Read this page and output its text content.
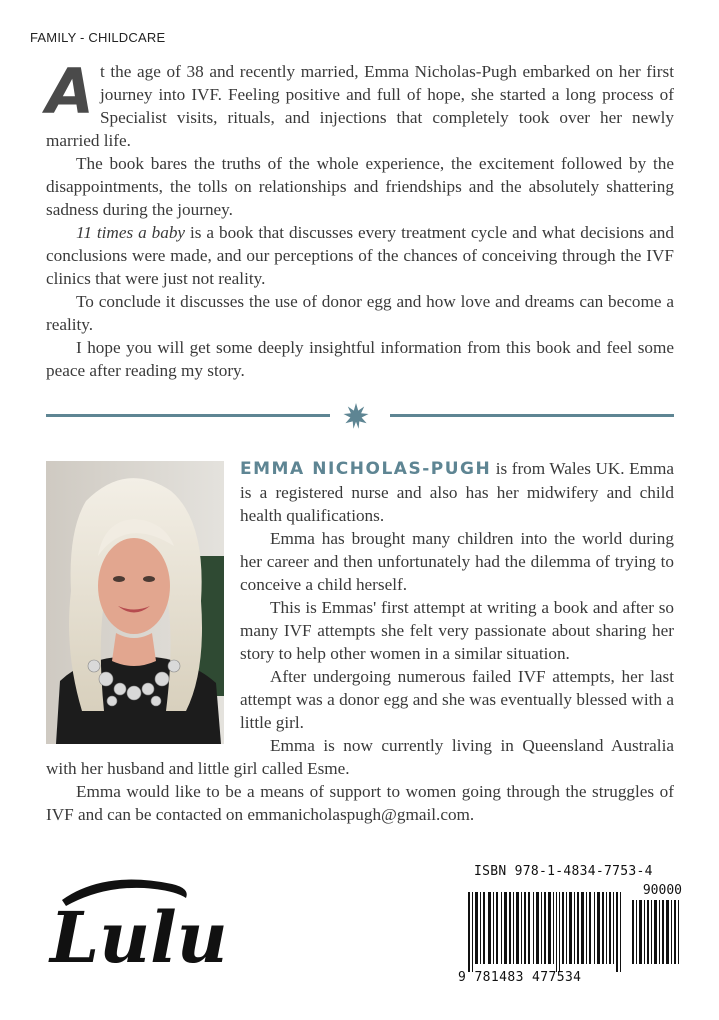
FAMILY - CHILDCARE

At the age of 38 and recently married, Emma Nicholas-Pugh embarked on her first journey into IVF. Feeling positive and full of hope, she started a long process of Specialist visits, rituals, and injections that completely took over her newly married life.

The book bares the truths of the whole experience, the excitement followed by the disappointments, the tolls on relationships and friendships and the absolutely shattering sadness during the journey.

11 times a baby is a book that discusses every treatment cycle and what decisions and conclusions were made, and our perceptions of the chances of conceiving through the IVF clinics that were just not reality.

To conclude it discusses the use of donor egg and how love and dreams can become a reality.

I hope you will get some deeply insightful information from this book and feel some peace after reading my story.

EMMA NICHOLAS-PUGH is from Wales UK. Emma is a registered nurse and also has her midwifery and child health qualifications.

Emma has brought many children into the world during her career and then unfortunately had the dilemma of trying to conceive a child herself.

This is Emmas' first attempt at writing a book and after so many IVF attempts she felt very passionate about sharing her story to help other women in a similar situation.

After undergoing numerous failed IVF attempts, her last attempt was a donor egg and she was eventually blessed with a little girl.

Emma is now currently living in Queensland Australia with her husband and little girl called Esme.

Emma would like to be a means of support to women going through the struggles of IVF and can be contacted on emmanicholaspugh@gmail.com.

Lulu
ISBN 978-1-4834-7753-4
90000
9 781483 477534
